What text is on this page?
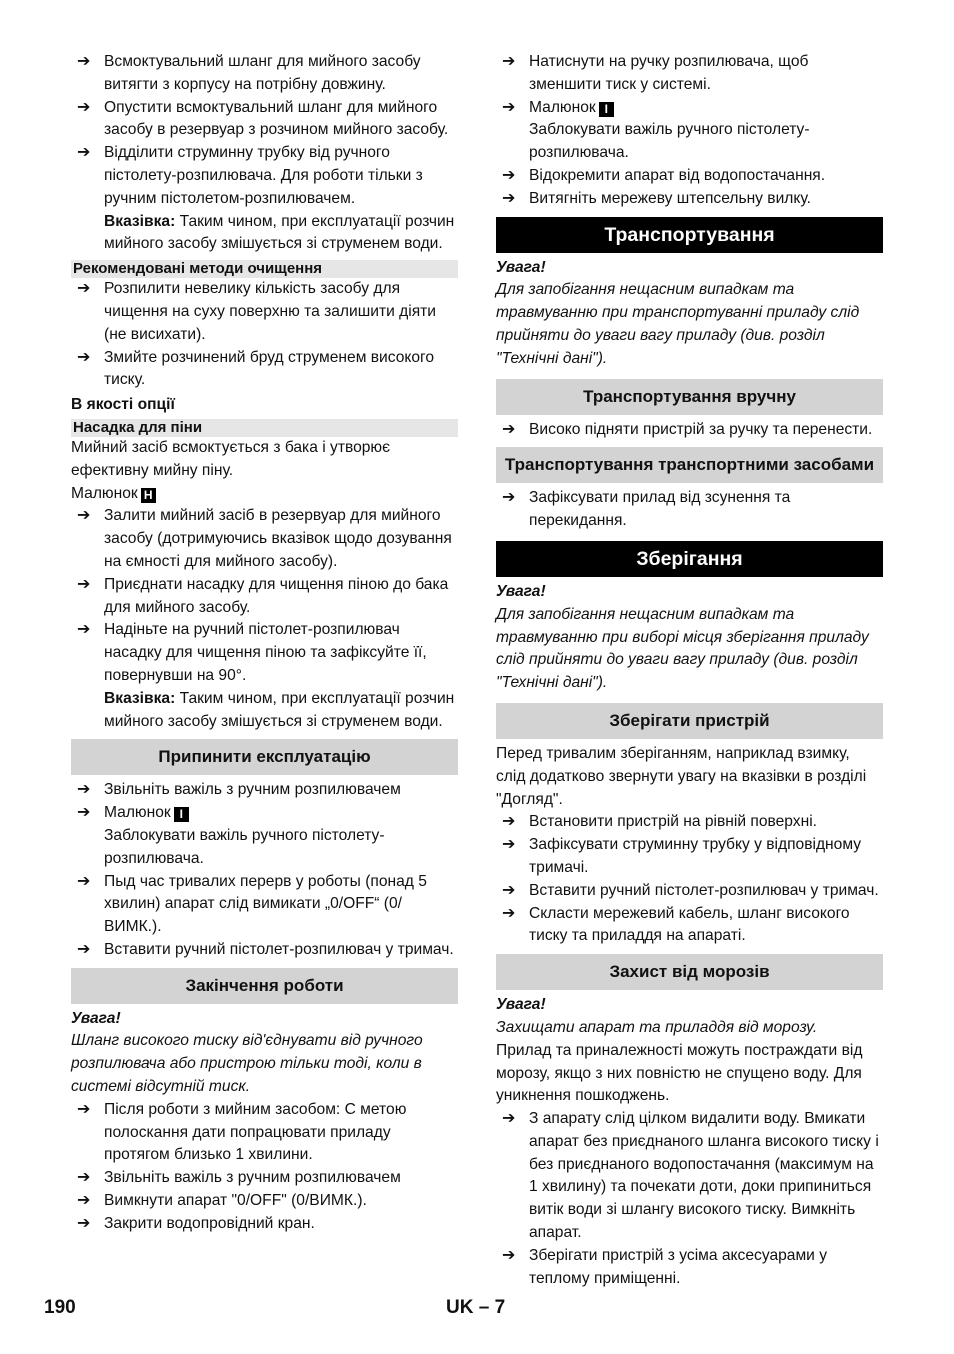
➔ Всмоктувальний шланг для мийного засобу витягти з корпусу на потрібну довжину.
➔ Опустити всмоктувальний шланг для мийного засобу в резервуар з розчином мийного засобу.
➔ Відділити струминну трубку від ручного пістолету-розпилювача. Для роботи тільки з ручним пістолетом-розпилювачем.
Вказівка: Таким чином, при експлуатації розчин мийного засобу змішується зі струменем води.
Рекомендовані методи очищення
➔ Розпилити невелику кількість засобу для чищення на суху поверхню та залишити діяти (не висихати).
➔ Змийте розчинений бруд струменем високого тиску.
В якості опції
Насадка для піни
Мийний засіб всмоктується з бака і утворює ефективну мийну піну.
Малюнок H
➔ Залити мийний засіб в резервуар для мийного засобу (дотримуючись вказівок щодо дозування на ємності для мийного засобу).
➔ Приєднати насадку для чищення піною до бака для мийного засобу.
➔ Надіньте на ручний пістолет-розпилювач насадку для чищення піною та зафіксуйте її, повернувши на 90°.
Вказівка: Таким чином, при експлуатації розчин мийного засобу змішується зі струменем води.
Припинити експлуатацію
➔ Звільніть важіль з ручним розпилювачем
➔ Малюнок I
Заблокувати важіль ручного пістолету-розпилювача.
➔ Пыд час тривалих перерв у роботы (понад 5 хвилин) апарат слід вимикати „0/OFF“ (0/ВИМК.).
➔ Вставити ручний пістолет-розпилювач у тримач.
Закінчення роботи
Увага!
Шланг високого тиску від'єднувати від ручного розпилювача або пристрою тільки тоді, коли в системі відсутній тиск.
➔ Після роботи з мийним засобом: С метою полоскання дати попрацювати приладу протягом близько 1 хвилини.
➔ Звільніть важіль з ручним розпилювачем
➔ Вимкнути апарат "0/OFF" (0/ВИМК.).
➔ Закрити водопровідний кран.
➔ Натиснути на ручку розпилювача, щоб зменшити тиск у системі.
➔ Малюнок I
Заблокувати важіль ручного пістолету-розпилювача.
➔ Відокремити апарат від водопостачання.
➔ Витягніть мережеву штепсельну вилку.
Транспортування
Увага!
Для запобігання нещасним випадкам та травмуванню при транспортуванні приладу слід прийняти до уваги вагу приладу (див. розділ "Технічні дані").
Транспортування вручну
➔ Високо підняти пристрій за ручку та перенести.
Транспортування транспортними засобами
➔ Зафіксувати прилад від зсунення та перекидання.
Зберігання
Увага!
Для запобігання нещасним випадкам та травмуванню при виборі місця зберігання приладу слід прийняти до уваги вагу приладу (див. розділ "Технічні дані").
Зберігати пристрій
Перед тривалим зберіганням, наприклад взимку, слід додатково звернути увагу на вказівки в розділі "Догляд".
➔ Встановити пристрій на рівній поверхні.
➔ Зафіксувати струминну трубку у відповідному тримачі.
➔ Вставити ручний пістолет-розпилювач у тримач.
➔ Скласти мережевий кабель, шланг високого тиску та приладдя на апараті.
Захист від морозів
Увага!
Захищати апарат та приладдя від морозу.
Прилад та приналежності можуть постраждати від морозу, якщо з них повністю не спущено воду. Для уникнення пошкоджень.
➔ З апарату слід цілком видалити воду. Вмикати апарат без приєднаного шланга високого тиску і без приєднаного водопостачання (максимум на 1 хвилину) та почекати доти, доки припиниться витік води зі шлангу високого тиску. Вимкніть апарат.
➔ Зберігати пристрій з усіма аксесуарами у теплому приміщенні.
190	UK – 7
